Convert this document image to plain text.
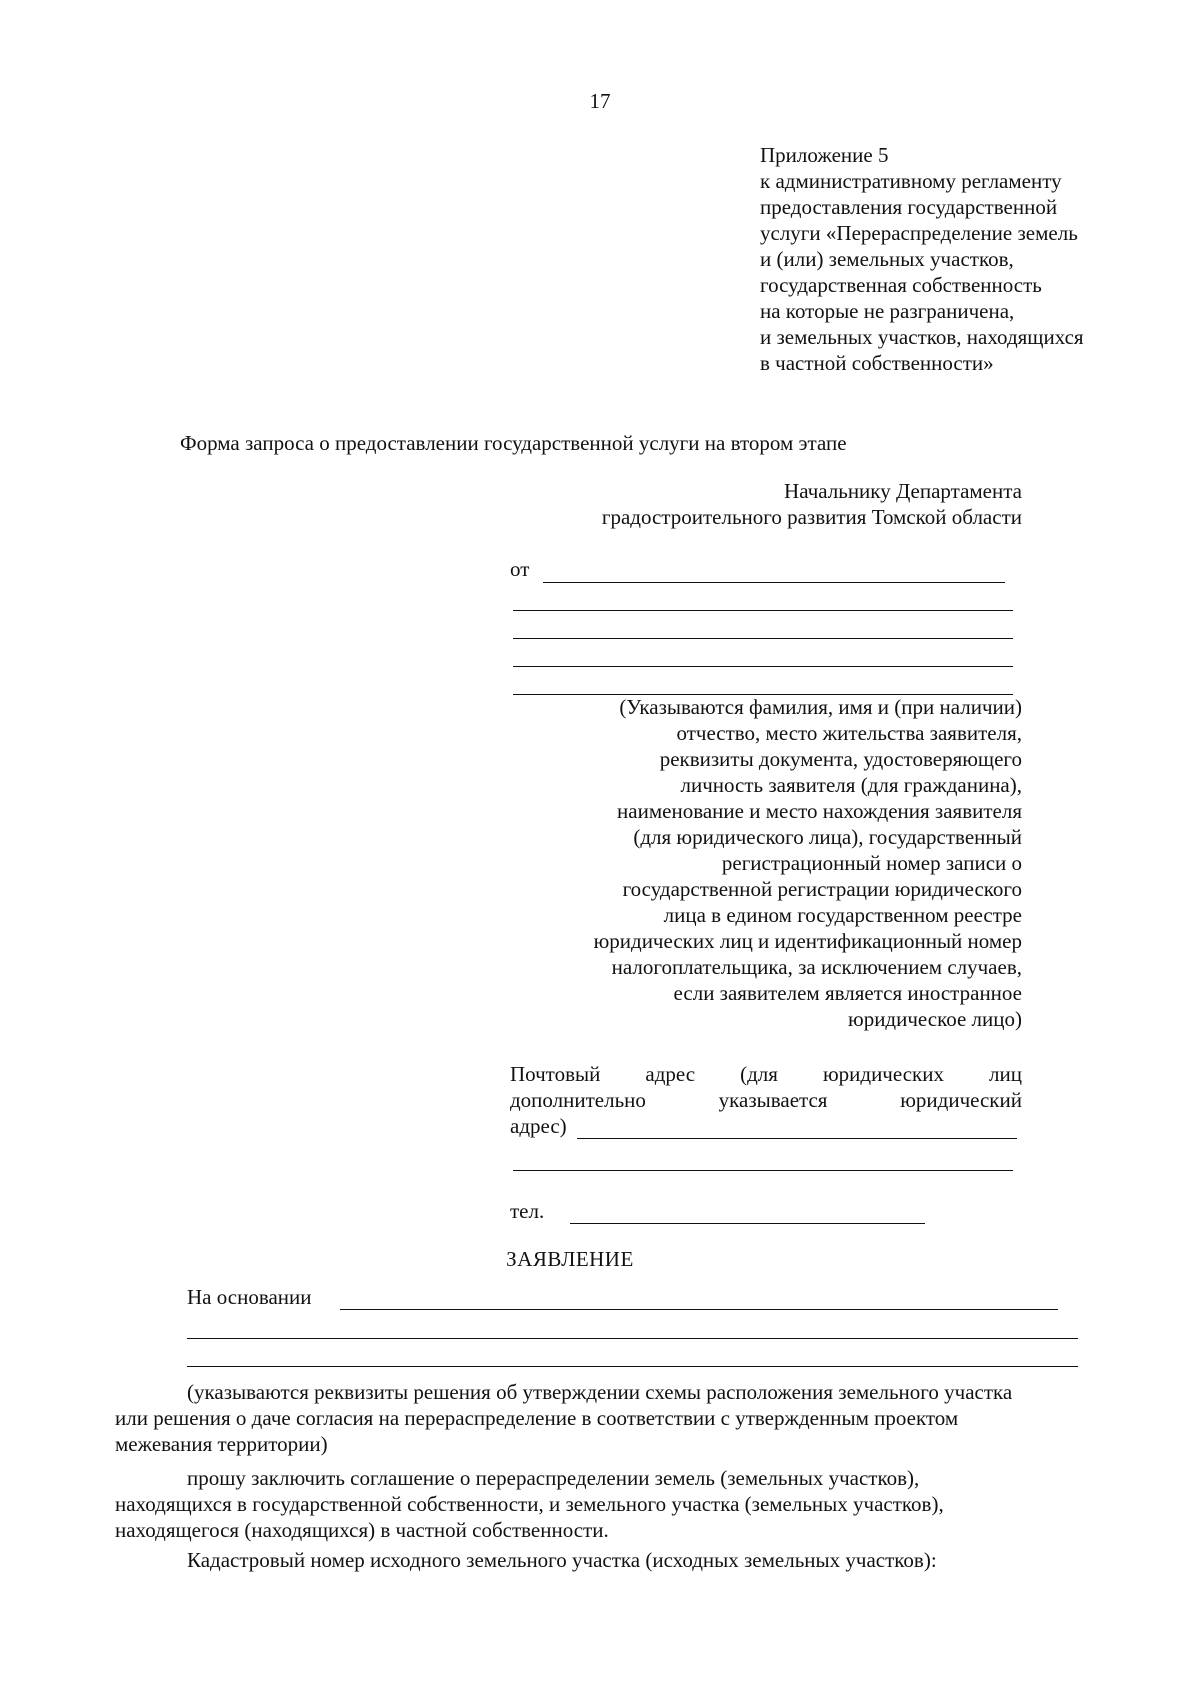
17
Приложение 5
к административному регламенту
предоставления государственной
услуги «Перераспределение земель
и (или) земельных участков,
государственная собственность
на которые не разграничена,
и земельных участков, находящихся
в частной собственности»
Форма запроса о предоставлении государственной услуги на втором этапе
Начальнику Департамента
градостроительного развития Томской области
от
(Указываются фамилия, имя и (при наличии)
отчество, место жительства заявителя,
реквизиты документа, удостоверяющего
личность заявителя (для гражданина),
наименование и место нахождения заявителя
(для юридического лица), государственный
регистрационный номер записи о
государственной регистрации юридического
лица в едином государственном реестре
юридических лиц и идентификационный номер
налогоплательщика, за исключением случаев,
если заявителем является иностранное
юридическое лицо)
Почтовый адрес (для юридических лиц
дополнительно	указывается	юридический
адрес)
тел.
ЗАЯВЛЕНИЕ
На основании
(указываются реквизиты решения об утверждении схемы расположения земельного участка
или решения о даче согласия на перераспределение в соответствии с утвержденным проектом
межевания территории)
прошу заключить соглашение о перераспределении земель (земельных участков),
находящихся в государственной собственности, и земельного участка (земельных участков),
находящегося (находящихся) в частной собственности.
Кадастровый номер исходного земельного участка (исходных земельных участков):
